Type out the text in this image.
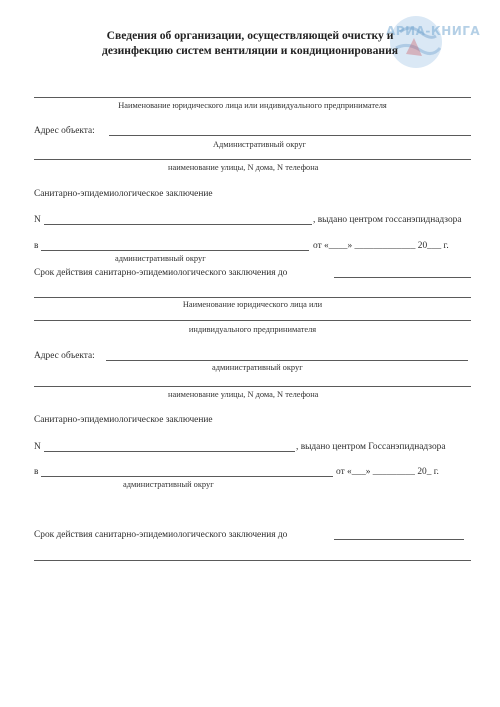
АРИА-КНИГА
Сведения об организации, осуществляющей очистку и
дезинфекцию систем вентиляции и кондиционирования
Наименование юридического лица или индивидуального предпринимателя
Адрес объекта:
Административный округ
наименование улицы, N дома, N телефона
Санитарно-эпидемиологическое заключение
N	, выдано центром госсанэпиднадзора
в	от «____» _____________ 20___ г.
административный округ
Срок действия санитарно-эпидемиологического заключения до
Наименование юридического лица или
индивидуального предпринимателя
Адрес объекта:
административный округ
наименование улицы, N дома, N телефона
Санитарно-эпидемиологическое заключение
N	, выдано центром Госсанэпиднадзора
в	от «___» _________ 20_ г.
административный округ
Срок действия санитарно-эпидемиологического заключения до
